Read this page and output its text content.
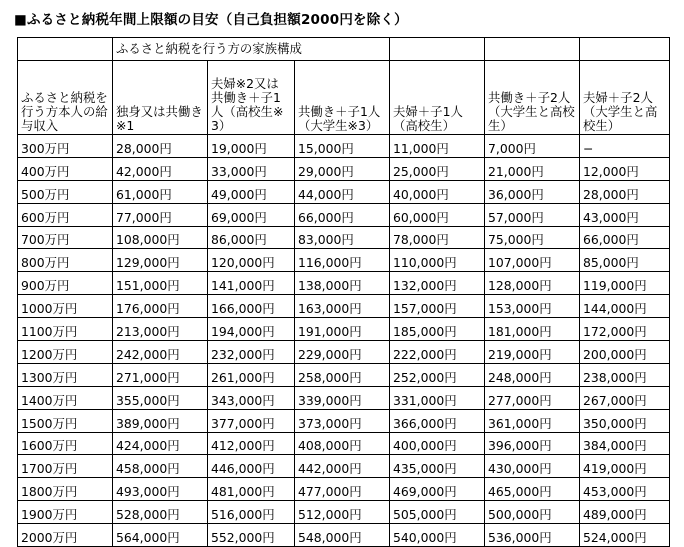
■ふるさと納税年間上限額の目安（自己負担額2000円を除く）
	ふるさと納税を行う方の家族構成					
ふるさと納税を行う方本人の給与収入	独身又は共働き※1	夫婦※2又は共働き＋子1人（高校生※3）	共働き＋子1人（大学生※3）	夫婦＋子1人（高校生）	共働き＋子2人（大学生と高校生）	夫婦＋子2人（大学生と高校生）
300万円	28,000円	19,000円	15,000円	11,000円	7,000円	−
400万円	42,000円	33,000円	29,000円	25,000円	21,000円	12,000円
500万円	61,000円	49,000円	44,000円	40,000円	36,000円	28,000円
600万円	77,000円	69,000円	66,000円	60,000円	57,000円	43,000円
700万円	108,000円	86,000円	83,000円	78,000円	75,000円	66,000円
800万円	129,000円	120,000円	116,000円	110,000円	107,000円	85,000円
900万円	151,000円	141,000円	138,000円	132,000円	128,000円	119,000円
1000万円	176,000円	166,000円	163,000円	157,000円	153,000円	144,000円
1100万円	213,000円	194,000円	191,000円	185,000円	181,000円	172,000円
1200万円	242,000円	232,000円	229,000円	222,000円	219,000円	200,000円
1300万円	271,000円	261,000円	258,000円	252,000円	248,000円	238,000円
1400万円	355,000円	343,000円	339,000円	331,000円	277,000円	267,000円
1500万円	389,000円	377,000円	373,000円	366,000円	361,000円	350,000円
1600万円	424,000円	412,000円	408,000円	400,000円	396,000円	384,000円
1700万円	458,000円	446,000円	442,000円	435,000円	430,000円	419,000円
1800万円	493,000円	481,000円	477,000円	469,000円	465,000円	453,000円
1900万円	528,000円	516,000円	512,000円	505,000円	500,000円	489,000円
2000万円	564,000円	552,000円	548,000円	540,000円	536,000円	524,000円
